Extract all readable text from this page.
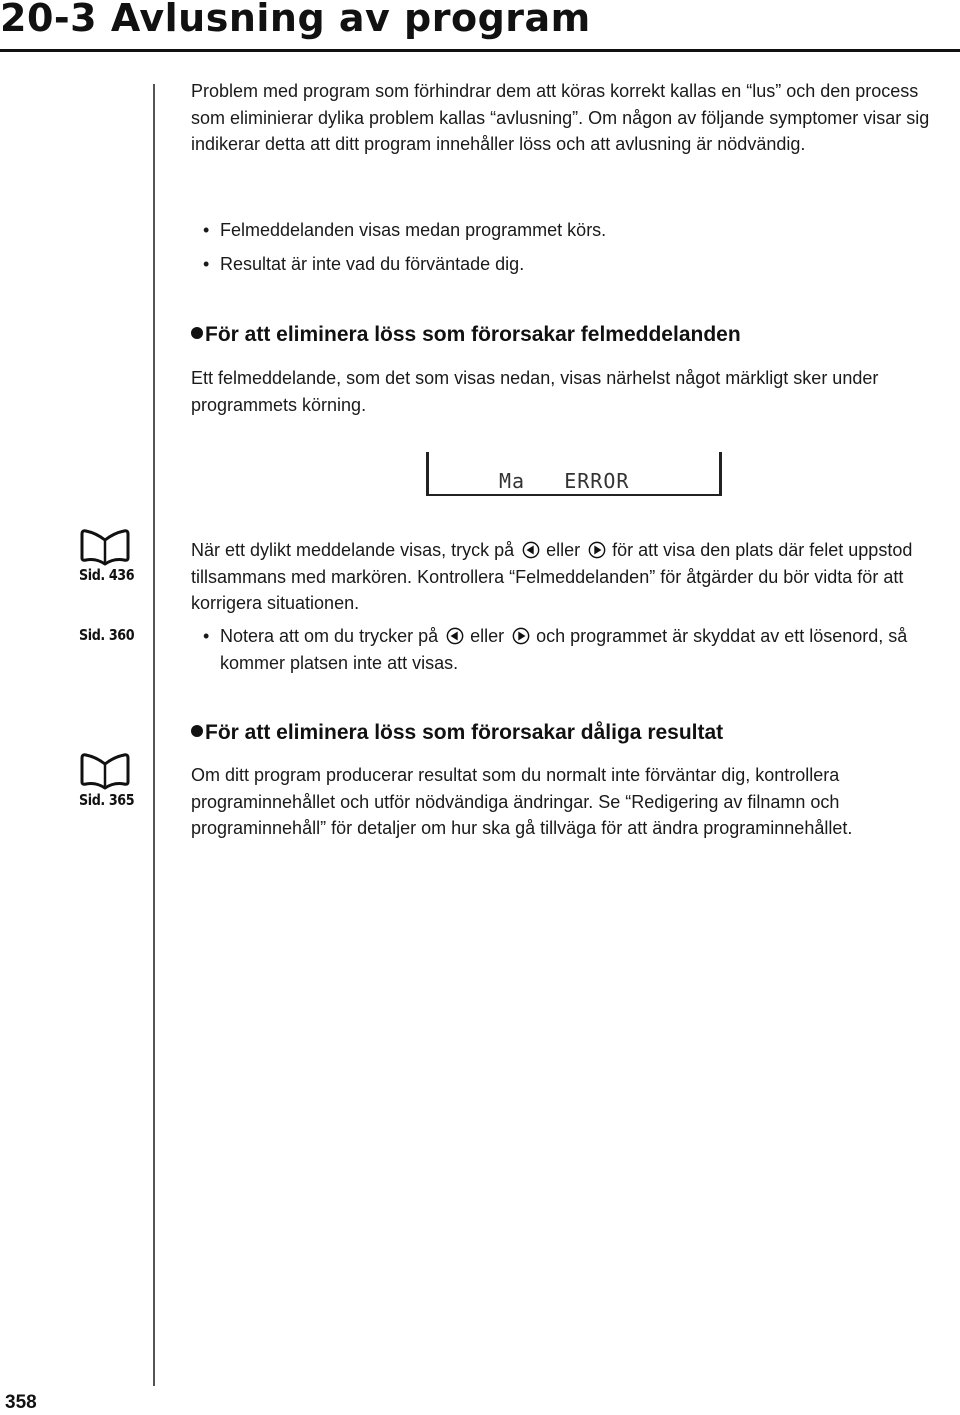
20-3 Avlusning av program

Problem med program som förhindrar dem att köras korrekt kallas en “lus” och den process som eliminierar dylika problem kallas “avlusning”. Om någon av följande symptomer visar sig indikerar detta att ditt program innehåller löss och att avlusning är nödvändig.

• Felmeddelanden visas medan programmet körs.
• Resultat är inte vad du förväntade dig.
För att eliminera löss som förorsakar felmeddelanden

Ett felmeddelande, som det som visas nedan, visas närhelst något märkligt sker under programmets körning.

Ma   ERROR
Sid. 436
Sid. 360

När ett dylikt meddelande visas, tryck på eller för att visa den plats där felet uppstod tillsammans med markören. Kontrollera “Felmeddelanden” för åtgärder du bör vidta för att korrigera situationen.

• Notera att om du trycker på eller och programmet är skyddat av ett lösenord, så kommer platsen inte att visas.
För att eliminera löss som förorsakar dåliga resultat
Sid. 365

Om ditt program producerar resultat som du normalt inte förväntar dig, kontrollera programinnehållet och utför nödvändiga ändringar. Se “Redigering av filnamn och programinnehåll” för detaljer om hur ska gå tillväga för att ändra programinnehållet.

358
